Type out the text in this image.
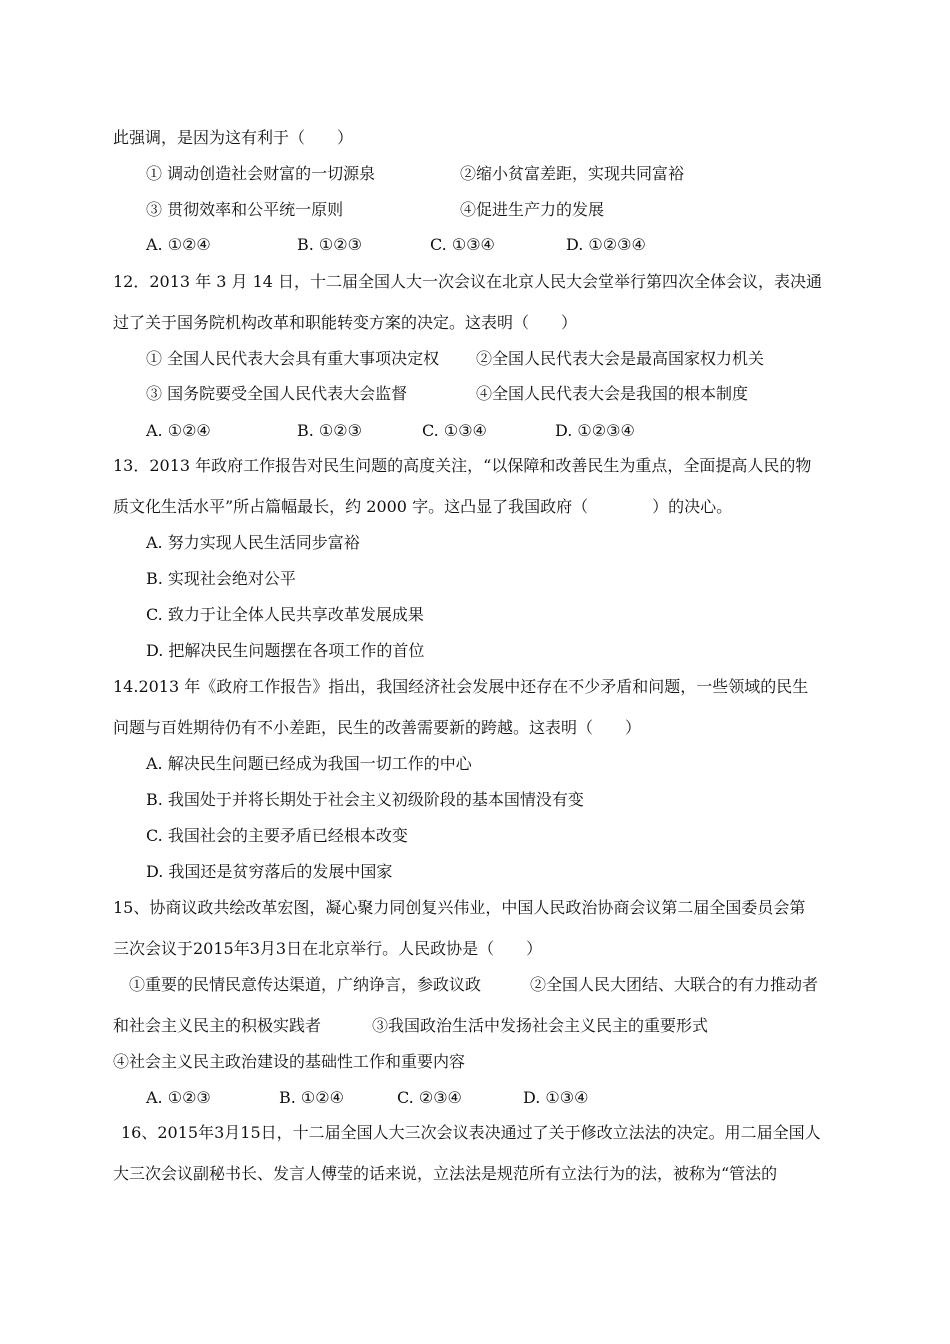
此强调，是因为这有利于（　　）
① 调动创造社会财富的一切源泉	②缩小贫富差距，实现共同富裕
③ 贯彻效率和公平统一原则	④促进生产力的发展
A. ①②④	B. ①②③	C. ①③④	D. ①②③④
12．2013 年 3 月 14 日，十二届全国人大一次会议在北京人民大会堂举行第四次全体会议，表决通
过了关于国务院机构改革和职能转变方案的决定。这表明（　　）
① 全国人民代表大会具有重大事项决定权 ②全国人民代表大会是最高国家权力机关
③ 国务院要受全国人民代表大会监督	④全国人民代表大会是我国的根本制度
A. ①②④	B. ①②③	C. ①③④	D. ①②③④
13．2013 年政府工作报告对民生问题的高度关注，“以保障和改善民生为重点，全面提高人民的物
质文化生活水平”所占篇幅最长，约 2000 字。这凸显了我国政府（　　　　）的决心。
A. 努力实现人民生活同步富裕
B. 实现社会绝对公平
C. 致力于让全体人民共享改革发展成果
D. 把解决民生问题摆在各项工作的首位
14.2013 年《政府工作报告》指出，我国经济社会发展中还存在不少矛盾和问题，一些领域的民生
问题与百姓期待仍有不小差距，民生的改善需要新的跨越。这表明（　　）
A. 解决民生问题已经成为我国一切工作的中心
B. 我国处于并将长期处于社会主义初级阶段的基本国情没有变
C. 我国社会的主要矛盾已经根本改变
D. 我国还是贫穷落后的发展中国家
15、协商议政共绘改革宏图，凝心聚力同创复兴伟业，中国人民政治协商会议第二届全国委员会第
三次会议于2015年3月3日在北京举行。人民政协是（　　）
①重要的民情民意传达渠道，广纳诤言，参政议政	②全国人民大团结、大联合的有力推动者
和社会主义民主的积极实践者	③我国政治生活中发扬社会主义民主的重要形式
④社会主义民主政治建设的基础性工作和重要内容
A. ①②③	B. ①②④	C. ②③④	D. ①③④
16、2015年3月15日，十二届全国人大三次会议表决通过了关于修改立法法的决定。用二届全国人
大三次会议副秘书长、发言人傅莹的话来说，立法法是规范所有立法行为的法，被称为“管法的
